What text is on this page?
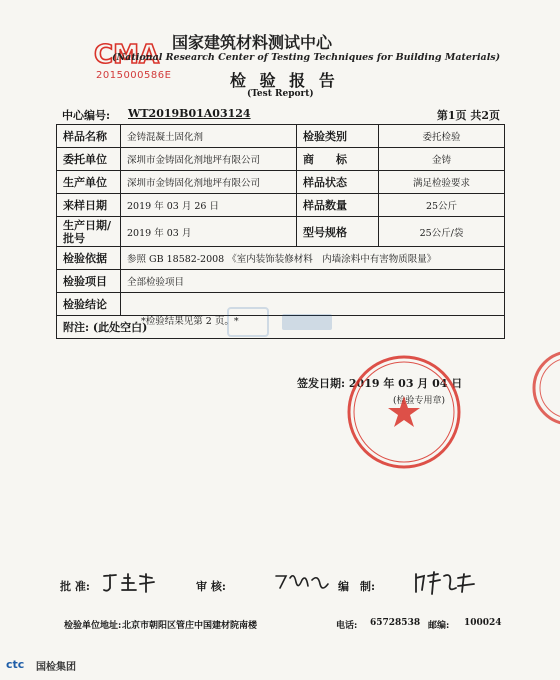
CMA
2015000586E
国家建筑材料测试中心
(National Research Center of Testing Techniques for Building Materials)
检 验 报 告
(Test Report)
中心编号: WT2019B01A03124	第1页 共2页
样品名称	金铸混凝土固化剂	检验类别	委托检验
委托单位	深圳市金铸固化剂地坪有限公司	商　　标	金铸
生产单位	深圳市金铸固化剂地坪有限公司	样品状态	满足检验要求
来样日期	2019 年 03 月 26 日	样品数量	25公斤
生产日期/批号	2019 年 03 月	型号规格	25公斤/袋
检验依据	参照 GB 18582-2008 《室内装饰装修材料　内墙涂料中有害物质限量》		
检验项目	全部检验项目		
检验结论	*检验结果见第 2 页。*
签发日期: 2019 年 03 月 04 日
(检验专用章)		

附注: (此处空白)			
批 准:	审 核:	编　制:
检验单位地址: 北京市朝阳区管庄中国建材院南楼	电话: 65728538 邮编: 100024
ctc 国检集团
